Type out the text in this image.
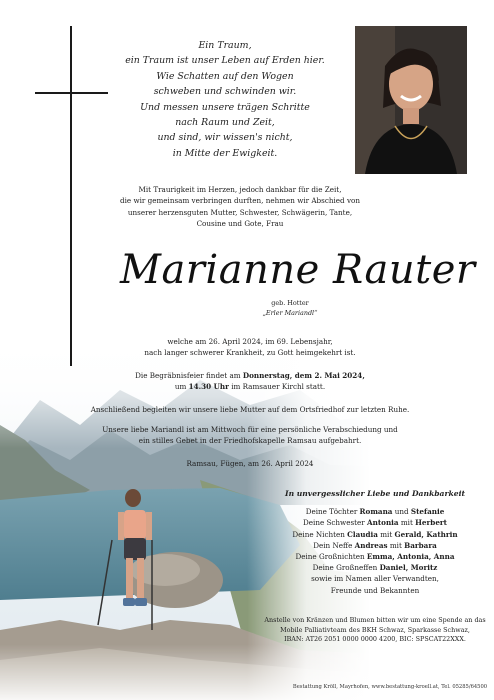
Ein Traum,
ein Traum ist unser Leben auf Erden hier.
Wie Schatten auf den Wogen
schweben und schwinden wir.
Und messen unsere trägen Schritte
nach Raum und Zeit,
und sind, wir wissen's nicht,
in Mitte der Ewigkeit.
Mit Traurigkeit im Herzen, jedoch dankbar für die Zeit,
die wir gemeinsam verbringen durften, nehmen wir Abschied von
unserer herzensguten Mutter, Schwester, Schwägerin, Tante,
Cousine und Gote, Frau
Marianne Rauter
geb. Hotter
„Erler Mariandl“
welche am 26. April 2024, im 69. Lebensjahr,
nach langer schwerer Krankheit, zu Gott heimgekehrt ist.
Die Begräbnisfeier findet am Donnerstag, dem 2. Mai 2024,
um 14.30 Uhr im Ramsauer Kirchl statt.
Anschließend begleiten wir unsere liebe Mutter auf dem Ortsfriedhof zur letzten Ruhe.
Unsere liebe Mariandl ist am Mittwoch für eine persönliche Verabschiedung und
ein stilles Gebet in der Friedhofskapelle Ramsau aufgebahrt.
Ramsau, Fügen, am 26. April 2024
In unvergesslicher Liebe und Dankbarkeit
Deine Töchter Romana und Stefanie
Deine Schwester Antonia mit Herbert
Deine Nichten Claudia mit Gerald, Kathrin
Dein Neffe Andreas mit Barbara
Deine Großnichten Emma, Antonia, Anna
Deine Großneffen Daniel, Moritz
sowie im Namen aller Verwandten,
Freunde und Bekannten
Anstelle von Kränzen und Blumen bitten wir um eine Spende an das
Mobile Palliativteam des BKH Schwaz, Sparkasse Schwaz,
IBAN: AT26 2051 0000 0000 4200, BIC: SPSCAT22XXX.
Bestattung Kröll, Mayrhofen, www.bestattung-kroell.at, Tel. 05285/64500
